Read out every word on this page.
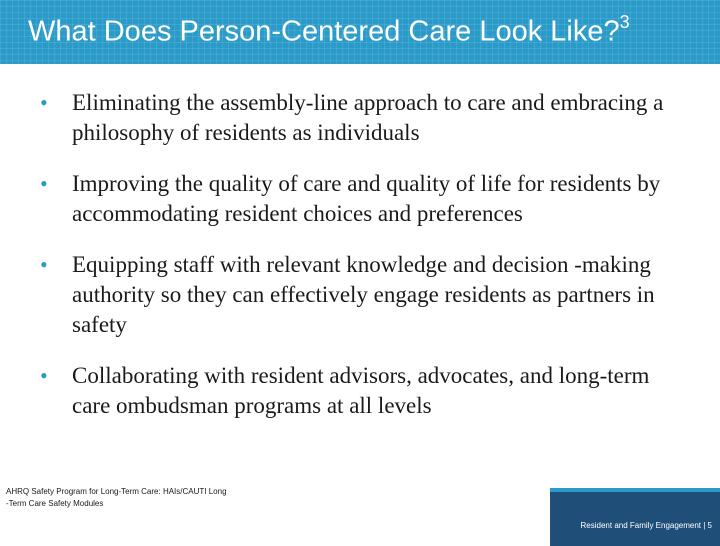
What Does Person-Centered Care Look Like?$^3$
• Eliminating the assembly-line approach to care and embracing a philosophy of residents as individuals
• Improving the quality of care and quality of life for residents by accommodating resident choices and preferences
• Equipping staff with relevant knowledge and decision -making authority so they can effectively engage residents as partners in safety
• Collaborating with resident advisors, advocates, and long-term care ombudsman programs at all levels
AHRQ Safety Program for Long-Term Care: HAIs/CAUTI Long
-Term Care Safety Modules
Resident and Family Engagement | 5
